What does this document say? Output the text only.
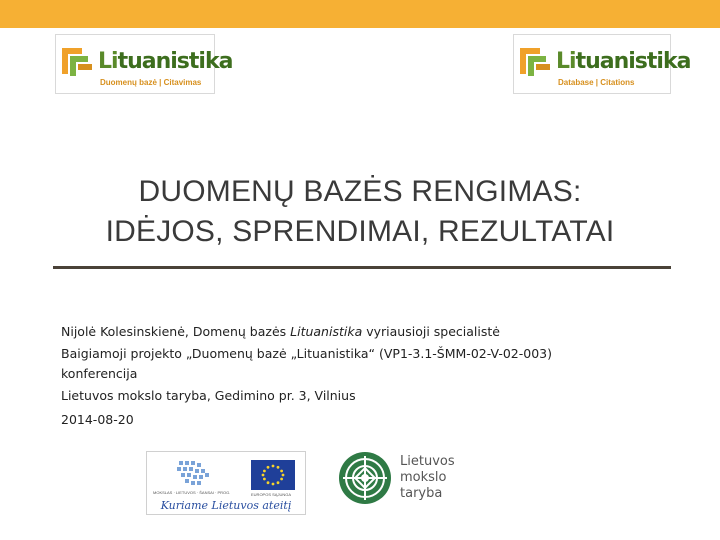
Lituanistika
Duomenų bazė | Citavimas
Lituanistika
Database | Citations
DUOMENŲ BAZĖS RENGIMAS:
IDĖJOS, SPRENDIMAI, REZULTATAI
Nijolė Kolesinskienė, Domenų bazės Lituanistika vyriausioji specialistė
Baigiamoji projekto „Duomenų bazė „Lituanistika“ (VP1-3.1-ŠMM-02-V-02-003)
konferencija
Lietuvos mokslo taryba, Gedimino pr. 3, Vilnius
2014-08-20
MOKSLAS · LIETUVOS · ŠANSAI · PROG.	EUROPOS SĄJUNGA
Kuriame Lietuvos ateitį
Lietuvos
mokslo
taryba
